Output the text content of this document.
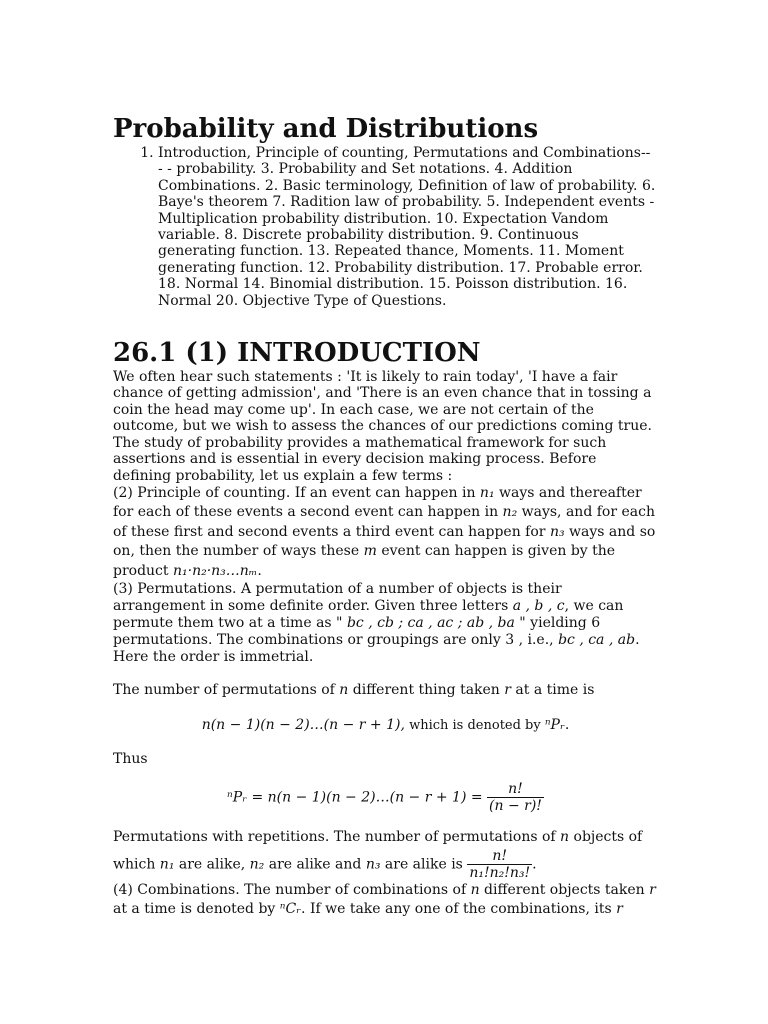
Probability and Distributions
1. Introduction, Principle of counting, Permutations and Combinations-- - - probability. 3. Probability and Set notations. 4. Addition Combinations. 2. Basic terminology, Definition of law of probability. 6. Baye's theorem 7. Radition law of probability. 5. Independent events - Multiplication probability distribution. 10. Expectation Vandom variable. 8. Discrete probability distribution. 9. Continuous generating function. 13. Repeated thance, Moments. 11. Moment generating function. 12. Probability distribution. 17. Probable error. 18. Normal 14. Binomial distribution. 15. Poisson distribution. 16. Normal 20. Objective Type of Questions.
26.1 (1) INTRODUCTION

We often hear such statements : 'It is likely to rain today', 'I have a fair chance of getting admission', and 'There is an even chance that in tossing a coin the head may come up'. In each case, we are not certain of the outcome, but we wish to assess the chances of our predictions coming true. The study of probability provides a mathematical framework for such assertions and is essential in every decision making process. Before defining probability, let us explain a few terms :

(2) Principle of counting. If an event can happen in n₁ ways and thereafter for each of these events a second event can happen in n₂ ways, and for each of these first and second events a third event can happen for n₃ ways and so on, then the number of ways these m event can happen is given by the product n₁·n₂·n₃…nₘ.

(3) Permutations. A permutation of a number of objects is their arrangement in some definite order. Given three letters a , b , c, we can permute them two at a time as " bc , cb ; ca , ac ; ab , ba " yielding 6 permutations. The combinations or groupings are only 3 , i.e., bc , ca , ab. Here the order is immetrial.

The number of permutations of n different thing taken r at a time is

n(n − 1)(n − 2)…(n − r + 1), which is denoted by ⁿPᵣ.

Thus

ⁿPᵣ = n(n − 1)(n − 2)…(n − $r + 1) = \frac{n!}{(n - r)!}$

Permutations with repetitions. The number of permutations of n objects of which n₁ are alike, n₂ are alike and n₃ are alike is $\frac{n!}{\text{n₁!n₂!n₃!}}$ .

(4) Combinations. The number of combinations of n different objects taken r at a time is denoted by ⁿCᵣ. If we take any one of the combinations, its r
